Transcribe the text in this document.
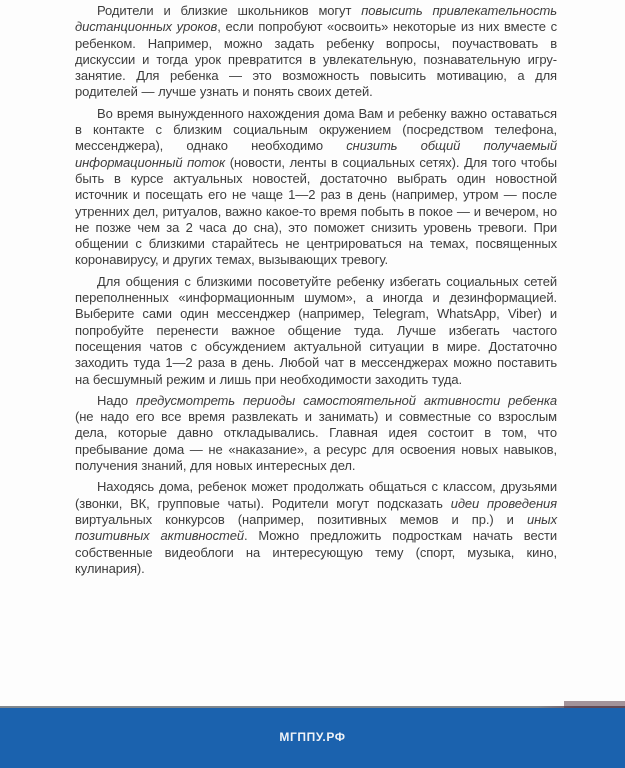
Родители и близкие школьников могут повысить привлекательность дистанционных уроков, если попробуют «освоить» некоторые из них вместе с ребенком. Например, можно задать ребенку вопросы, поучаствовать в дискуссии и тогда урок превратится в увлекательную, познавательную игру-занятие. Для ребенка — это возможность повысить мотивацию, а для родителей — лучше узнать и понять своих детей.

Во время вынужденного нахождения дома Вам и ребенку важно оставаться в контакте с близким социальным окружением (посредством телефона, мессенджера), однако необходимо снизить общий получаемый информационный поток (новости, ленты в социальных сетях). Для того чтобы быть в курсе актуальных новостей, достаточно выбрать один новостной источник и посещать его не чаще 1—2 раз в день (например, утром — после утренних дел, ритуалов, важно какое-то время побыть в покое — и вечером, но не позже чем за 2 часа до сна), это поможет снизить уровень тревоги. При общении с близкими старайтесь не центрироваться на темах, посвященных коронавирусу, и других темах, вызывающих тревогу.

Для общения с близкими посоветуйте ребенку избегать социальных сетей переполненных «информационным шумом», а иногда и дезинформацией. Выберите сами один мессенджер (например, Telegram, WhatsApp, Viber) и попробуйте перенести важное общение туда. Лучше избегать частого посещения чатов с обсуждением актуальной ситуации в мире. Достаточно заходить туда 1—2 раза в день. Любой чат в мессенджерах можно поставить на бесшумный режим и лишь при необходимости заходить туда.

Надо предусмотреть периоды самостоятельной активности ребенка (не надо его все время развлекать и занимать) и совместные со взрослым дела, которые давно откладывались. Главная идея состоит в том, что пребывание дома — не «наказание», а ресурс для освоения новых навыков, получения знаний, для новых интересных дел.

Находясь дома, ребенок может продолжать общаться с классом, друзьями (звонки, ВК, групповые чаты). Родители могут подсказать идеи проведения виртуальных конкурсов (например, позитивных мемов и пр.) и иных позитивных активностей. Можно предложить подросткам начать вести собственные видеоблоги на интересующую тему (спорт, музыка, кино, кулинария).

МГППУ.РФ
